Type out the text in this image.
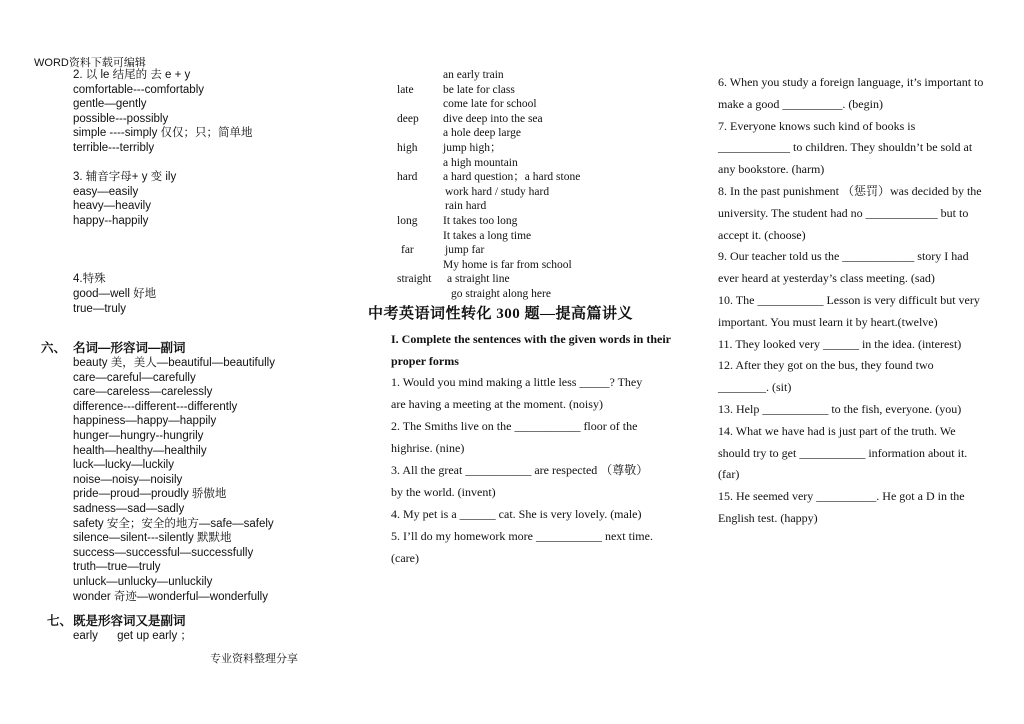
WORD资料下载可编辑
2. 以 le 结尾的 去 e + y
comfortable---comfortably
gentle—gently
possible---possibly
simple ----simply 仅仅；只；简单地
terrible---terribly
3. 辅音字母+ y 变 ily
easy—easily
heavy—heavily
happy--happily
4.特殊
good—well 好地
true—truly
六、 名词—形容词—副词
beauty 美，美人—beautiful—beautifully
care—careful—carefully
care—careless—carelessly
difference---different---differently
happiness—happy—happily
hunger—hungry--hungrily
health—healthy—healthily
luck—lucky—luckily
noise—noisy—noisily
pride—proud—proudly 骄傲地
sadness—sad—sadly
safety 安全；安全的地方—safe—safely
silence—silent---silently 默默地
success—successful—successfully
truth—true—truly
unluck—unlucky—unluckily
wonder 奇迹—wonderful—wonderfully
七、 既是形容词又是副词
early get up early ；
an early train
late	be late for class
come late for school
deep dive deep into the sea
a hole deep large
high jump high；
a high mountain
hard a hard question；a hard stone
work hard / study hard
rain hard
long It takes too long
It takes a long time
far	jump far
My home is far from school
straight a straight line
go straight along here
中考英语词性转化 300 题—提高篇讲义
I. Complete the sentences with the given words in their proper forms

1. Would you mind making a little less _____? They are having a meeting at the moment. (noisy)

2. The Smiths live on the ___________ floor of the highrise. (nine)

3. All the great ___________ are respected （尊敬）by the world. (invent)

4. My pet is a ______ cat. She is very lovely. (male)

5. I’ll do my homework more ___________ next time. (care)

6. When you study a foreign language, it’s important to make a good __________. (begin)

7. Everyone knows such kind of books is ____________ to children. They shouldn’t be sold at any bookstore. (harm)

8. In the past punishment （惩罚）was decided by the university. The student had no ____________ but to accept it. (choose)

9. Our teacher told us the ____________ story I had ever heard at yesterday’s class meeting. (sad)

10. The ___________ Lesson is very difficult but very important. You must learn it by heart.(twelve)

11. They looked very ______ in the idea. (interest)

12. After they got on the bus, they found two ________. (sit)

13. Help ___________ to the fish, everyone. (you)

14. What we have had is just part of the truth. We should try to get ___________ information about it. (far)

15. He seemed very __________. He got a D in the English test. (happy)

专业资料整理分享
